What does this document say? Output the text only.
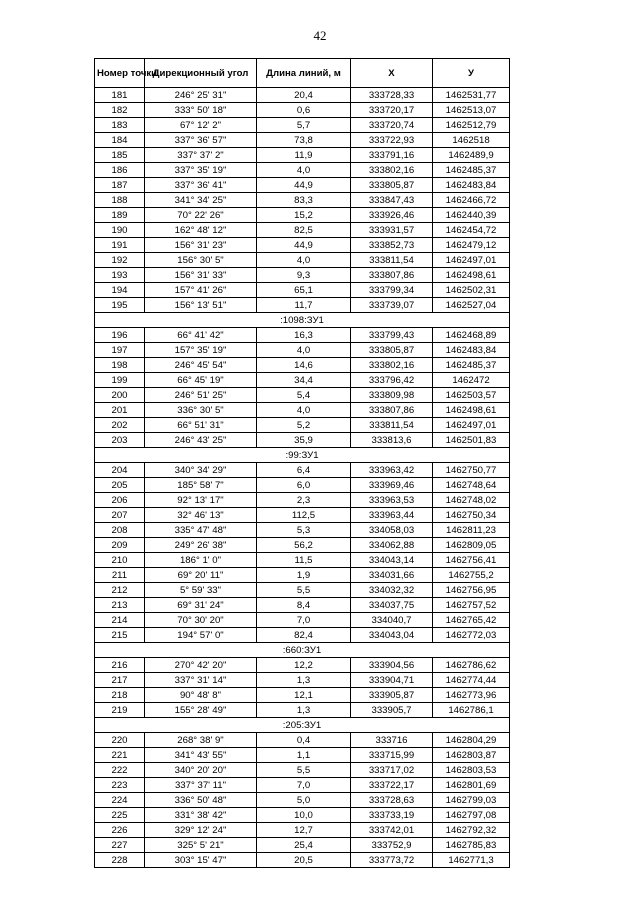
42
Номер точки	Дирекционный угол	Длина линий, м	Х	У
181	246° 25' 31"	20,4	333728,33	1462531,77
182	333° 50' 18"	0,6	333720,17	1462513,07
183	67° 12' 2"	5,7	333720,74	1462512,79
184	337° 36' 57"	73,8	333722,93	1462518
185	337° 37' 2"	11,9	333791,16	1462489,9
186	337° 35' 19"	4,0	333802,16	1462485,37
187	337° 36' 41"	44,9	333805,87	1462483,84
188	341° 34' 25"	83,3	333847,43	1462466,72
189	70° 22' 26"	15,2	333926,46	1462440,39
190	162° 48' 12"	82,5	333931,57	1462454,72
191	156° 31' 23"	44,9	333852,73	1462479,12
192	156° 30' 5"	4,0	333811,54	1462497,01
193	156° 31' 33"	9,3	333807,86	1462498,61
194	157° 41' 26"	65,1	333799,34	1462502,31
195	156° 13' 51"	11,7	333739,07	1462527,04
:1098:ЗУ1				
196	66° 41' 42"	16,3	333799,43	1462468,89
197	157° 35' 19"	4,0	333805,87	1462483,84
198	246° 45' 54"	14,6	333802,16	1462485,37
199	66° 45' 19"	34,4	333796,42	1462472
200	246° 51' 25"	5,4	333809,98	1462503,57
201	336° 30' 5"	4,0	333807,86	1462498,61
202	66° 51' 31"	5,2	333811,54	1462497,01
203	246° 43' 25"	35,9	333813,6	1462501,83
:99:ЗУ1				
204	340° 34' 29"	6,4	333963,42	1462750,77
205	185° 58' 7"	6,0	333969,46	1462748,64
206	92° 13' 17"	2,3	333963,53	1462748,02
207	32° 46' 13"	112,5	333963,44	1462750,34
208	335° 47' 48"	5,3	334058,03	1462811,23
209	249° 26' 38"	56,2	334062,88	1462809,05
210	186° 1' 0"	11,5	334043,14	1462756,41
211	69° 20' 11"	1,9	334031,66	1462755,2
212	5° 59' 33"	5,5	334032,32	1462756,95
213	69° 31' 24"	8,4	334037,75	1462757,52
214	70° 30' 20"	7,0	334040,7	1462765,42
215	194° 57' 0"	82,4	334043,04	1462772,03
:660:ЗУ1				
216	270° 42' 20"	12,2	333904,56	1462786,62
217	337° 31' 14"	1,3	333904,71	1462774,44
218	90° 48' 8"	12,1	333905,87	1462773,96
219	155° 28' 49"	1,3	333905,7	1462786,1
:205:ЗУ1				
220	268° 38' 9"	0,4	333716	1462804,29
221	341° 43' 55"	1,1	333715,99	1462803,87
222	340° 20' 20"	5,5	333717,02	1462803,53
223	337° 37' 11"	7,0	333722,17	1462801,69
224	336° 50' 48"	5,0	333728,63	1462799,03
225	331° 38' 42"	10,0	333733,19	1462797,08
226	329° 12' 24"	12,7	333742,01	1462792,32
227	325° 5' 21"	25,4	333752,9	1462785,83
228	303° 15' 47"	20,5	333773,72	1462771,3
